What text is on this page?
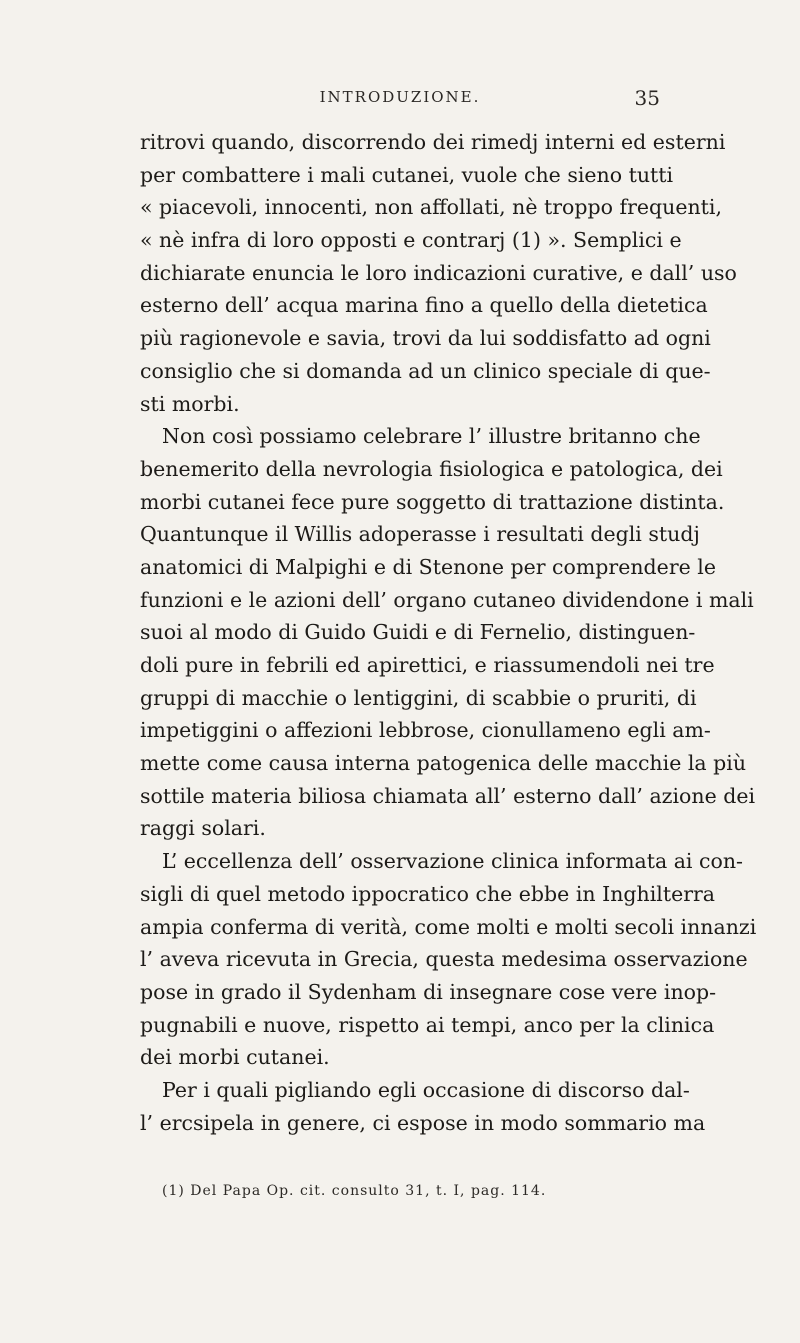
INTRODUZIONE.	35
ritrovi quando, discorrendo dei rimedj interni ed esterni
per combattere i mali cutanei, vuole che sieno tutti
« piacevoli, innocenti, non affollati, nè troppo frequenti,
« nè infra di loro opposti e contrarj (1) ». Semplici e
dichiarate enuncia le loro indicazioni curative, e dall’ uso
esterno dell’ acqua marina fino a quello della dietetica
più ragionevole e savia, trovi da lui soddisfatto ad ogni
consiglio che si domanda ad un clinico speciale di que-
sti morbi.
Non così possiamo celebrare l’ illustre britanno che
benemerito della nevrologia fisiologica e patologica, dei
morbi cutanei fece pure soggetto di trattazione distinta.
Quantunque il Willis adoperasse i resultati degli studj
anatomici di Malpighi e di Stenone per comprendere le
funzioni e le azioni dell’ organo cutaneo dividendone i mali
suoi al modo di Guido Guidi e di Fernelio, distinguen-
doli pure in febrili ed apirettici, e riassumendoli nei tre
gruppi di macchie o lentiggini, di scabbie o pruriti, di
impetiggini o affezioni lebbrose, cionullameno egli am-
mette come causa interna patogenica delle macchie la più
sottile materia biliosa chiamata all’ esterno dall’ azione dei
raggi solari.
L’ eccellenza dell’ osservazione clinica informata ai con-
sigli di quel metodo ippocratico che ebbe in Inghilterra
ampia conferma di verità, come molti e molti secoli innanzi
l’ aveva ricevuta in Grecia, questa medesima osservazione
pose in grado il Sydenham di insegnare cose vere inop-
pugnabili e nuove, rispetto ai tempi, anco per la clinica
dei morbi cutanei.
Per i quali pigliando egli occasione di discorso dal-
l’ ercsipela in genere, ci espose in modo sommario ma
(1) Del Papa Op. cit. consulto 31, t. I, pag. 114.
